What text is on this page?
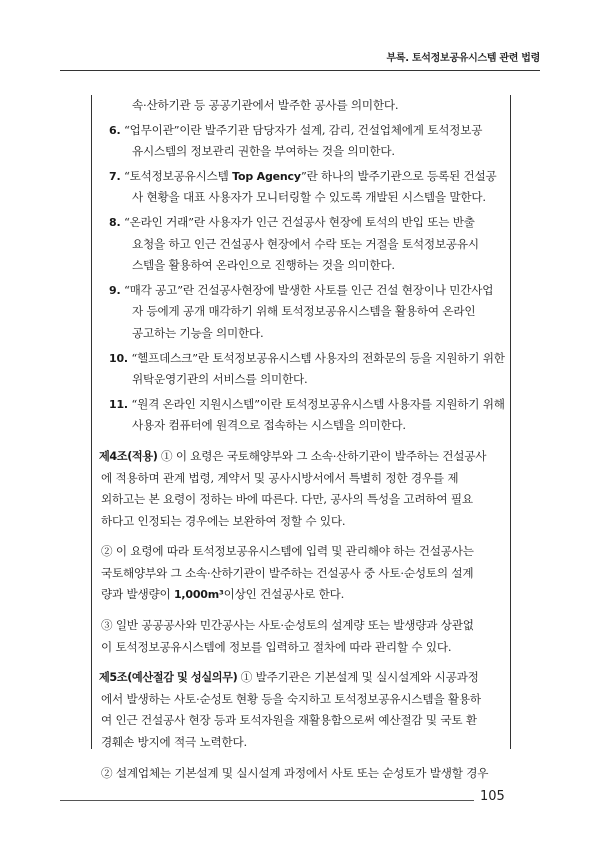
부록. 토석정보공유시스템 관련 법령

속·산하기관 등 공공기관에서 발주한 공사를 의미한다.

6. “업무이관”이란 발주기관 담당자가 설계, 감리, 건설업체에게 토석정보공

유시스템의 정보관리 권한을 부여하는 것을 의미한다.

7. “토석정보공유시스템 Top Agency”란 하나의 발주기관으로 등록된 건설공

사 현황을 대표 사용자가 모니터링할 수 있도록 개발된 시스템을 말한다.

8. “온라인 거래”란 사용자가 인근 건설공사 현장에 토석의 반입 또는 반출

요청을 하고 인근 건설공사 현장에서 수락 또는 거절을 토석정보공유시

스템을 활용하여 온라인으로 진행하는 것을 의미한다.

9. “매각 공고”란 건설공사현장에 발생한 사토를 인근 건설 현장이나 민간사업

자 등에게 공개 매각하기 위해 토석정보공유시스템을 활용하여 온라인

공고하는 기능을 의미한다.

10. “헬프데스크”란 토석정보공유시스템 사용자의 전화문의 등을 지원하기 위한

위탁운영기관의 서비스를 의미한다.

11. “원격 온라인 지원시스템”이란 토석정보공유시스템 사용자를 지원하기 위해

사용자 컴퓨터에 원격으로 접속하는 시스템을 의미한다.

제4조(적용) ① 이 요령은 국토해양부와 그 소속·산하기관이 발주하는 건설공사

에 적용하며 관계 법령, 계약서 및 공사시방서에서 특별히 정한 경우를 제

외하고는 본 요령이 정하는 바에 따른다. 다만, 공사의 특성을 고려하여 필요

하다고 인정되는 경우에는 보완하여 정할 수 있다.

② 이 요령에 따라 토석정보공유시스템에 입력 및 관리해야 하는 건설공사는

국토해양부와 그 소속·산하기관이 발주하는 건설공사 중 사토·순성토의 설계

량과 발생량이 1,000m³이상인 건설공사로 한다.

③ 일반 공공공사와 민간공사는 사토·순성토의 설계량 또는 발생량과 상관없

이 토석정보공유시스템에 정보를 입력하고 절차에 따라 관리할 수 있다.

제5조(예산절감 및 성실의무) ① 발주기관은 기본설계 및 실시설계와 시공과정

에서 발생하는 사토·순성토 현황 등을 숙지하고 토석정보공유시스템을 활용하

여 인근 건설공사 현장 등과 토석자원을 재활용함으로써 예산절감 및 국토 환

경훼손 방지에 적극 노력한다.

② 설계업체는 기본설계 및 실시설계 과정에서 사토 또는 순성토가 발생할 경우

105
